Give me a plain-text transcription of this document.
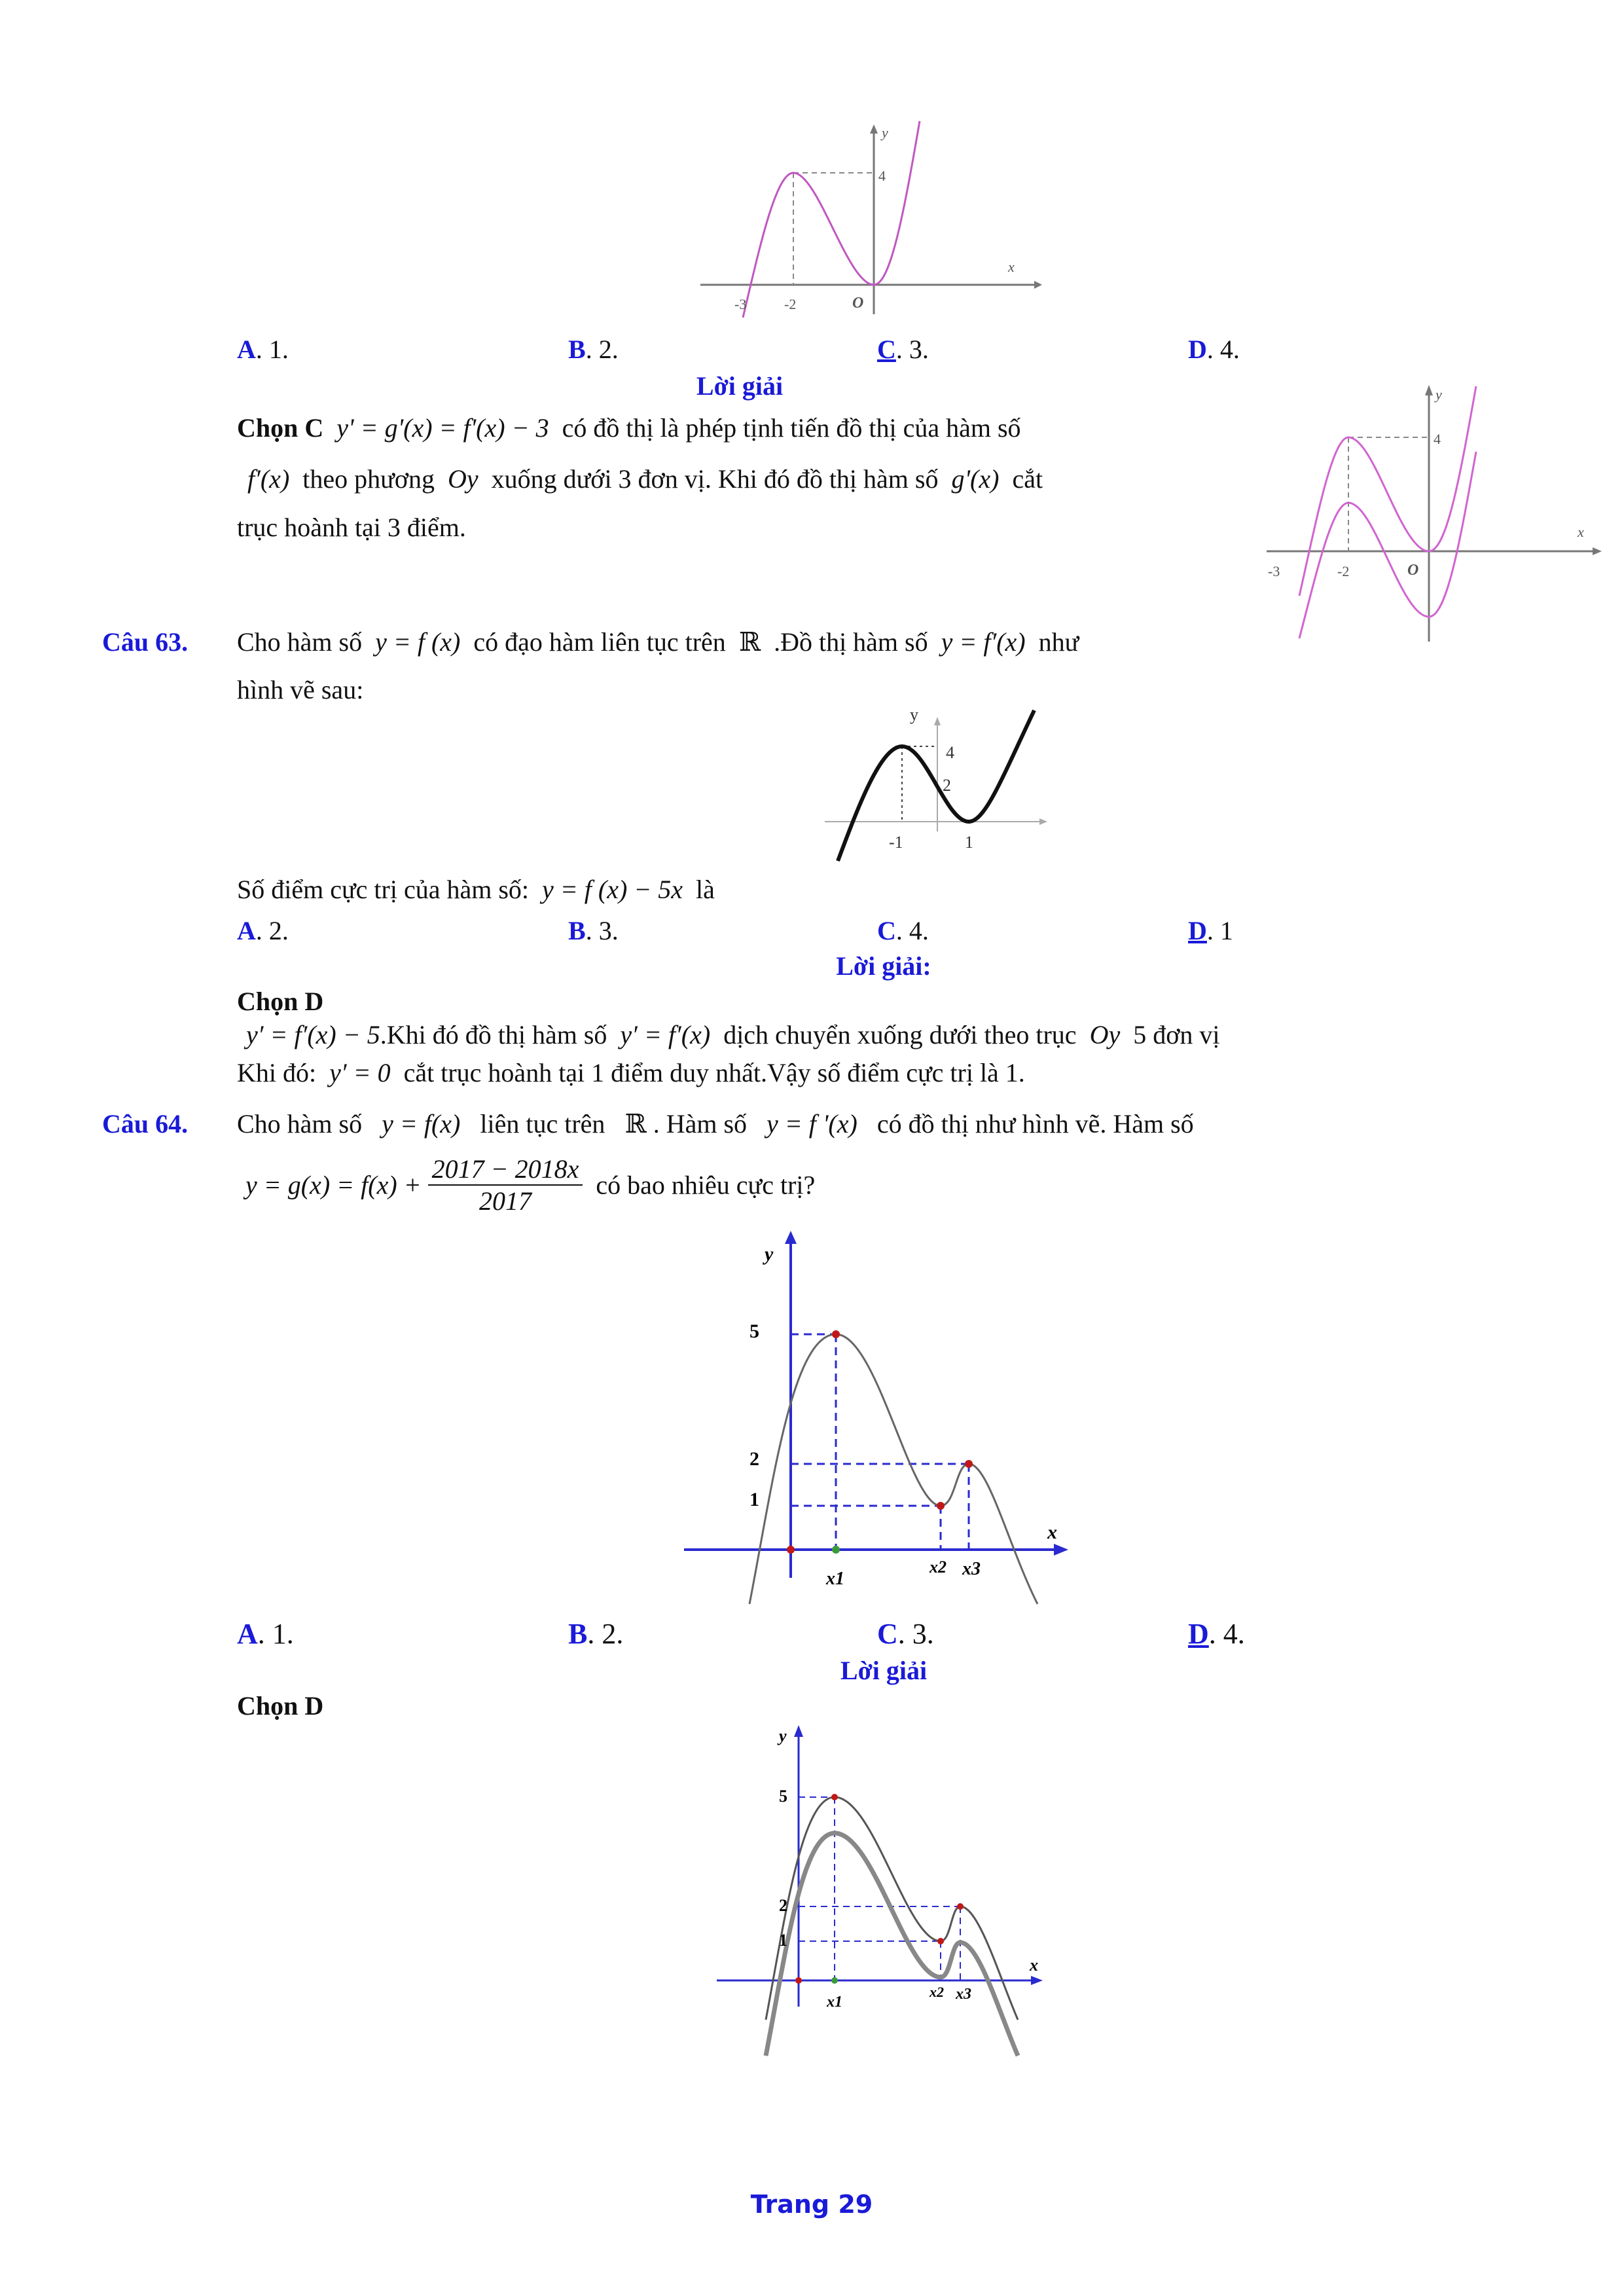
y
x
4
-3	-2	O
A. 1.	B. 2.	C. 3.	D. 4.
Lời giải
Chọn C y' = g'(x) = f'(x) − 3 có đồ thị là phép tịnh tiến đồ thị của hàm số
f′(x) theo phương Oy xuống dưới 3 đơn vị. Khi đó đồ thị hàm số g'(x) cắt
trục hoành tại 3 điểm.
y
x
4
-3	-2	O
Câu 63. Cho hàm số y = f (x) có đạo hàm liên tục trên ℝ .Đồ thị hàm số y = f′(x) như
hình vẽ sau:
y
4
2
-1	1
Số điểm cực trị của hàm số: y = f (x) − 5x là
A. 2.	B. 3.	C. 4.	D. 1
Lời giải:
Chọn D
y′ = f′(x) − 5.Khi đó đồ thị hàm số y′ = f′(x) dịch chuyển xuống dưới theo trục Oy 5 đơn vị
Khi đó: y′ = 0 cắt trục hoành tại 1 điểm duy nhất.Vậy số điểm cực trị là 1.
Câu 64. Cho hàm số y = f(x) liên tục trên ℝ . Hàm số y = f '(x) có đồ thị như hình vẽ. Hàm số
$y = g(x) = f(x) + \frac{2017 - 2018x}{2017}$ có bao nhiêu cực trị?
y
x
5
2
1
x1
x2 x3
A. 1.	B. 2.	C. 3.	D. 4.
Lời giải
Chọn D
y
x
5
2
1
x1
x2 x3
Trang 29
